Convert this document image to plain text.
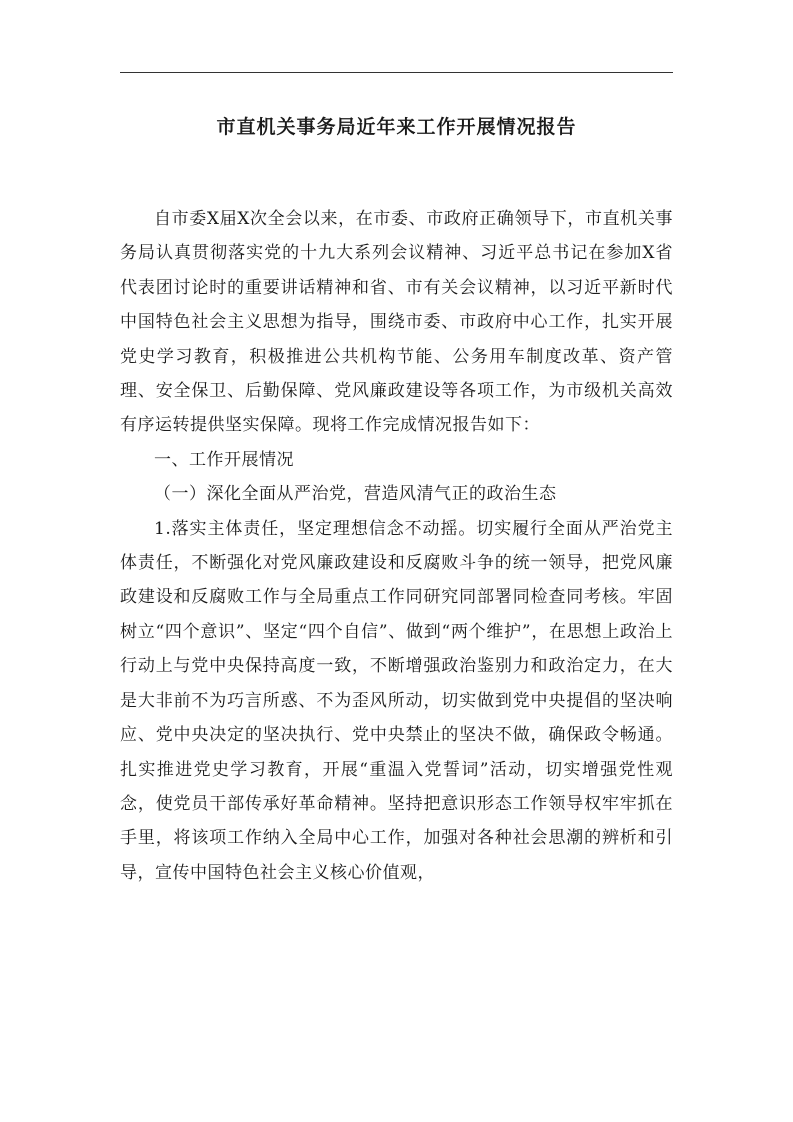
市直机关事务局近年来工作开展情况报告

自市委X届X次全会以来，在市委、市政府正确领导下，市直机关事务局认真贯彻落实党的十九大系列会议精神、习近平总书记在参加X省代表团讨论时的重要讲话精神和省、市有关会议精神，以习近平新时代中国特色社会主义思想为指导，围绕市委、市政府中心工作，扎实开展党史学习教育，积极推进公共机构节能、公务用车制度改革、资产管理、安全保卫、后勤保障、党风廉政建设等各项工作，为市级机关高效有序运转提供坚实保障。现将工作完成情况报告如下：

一、工作开展情况

（一）深化全面从严治党，营造风清气正的政治生态

1.落实主体责任，坚定理想信念不动摇。切实履行全面从严治党主体责任，不断强化对党风廉政建设和反腐败斗争的统一领导，把党风廉政建设和反腐败工作与全局重点工作同研究同部署同检查同考核。牢固树立“四个意识”、坚定“四个自信”、做到“两个维护”，在思想上政治上行动上与党中央保持高度一致，不断增强政治鉴别力和政治定力，在大是大非前不为巧言所惑、不为歪风所动，切实做到党中央提倡的坚决响应、党中央决定的坚决执行、党中央禁止的坚决不做，确保政令畅通。扎实推进党史学习教育，开展“重温入党誓词”活动，切实增强党性观念，使党员干部传承好革命精神。坚持把意识形态工作领导权牢牢抓在手里，将该项工作纳入全局中心工作，加强对各种社会思潮的辨析和引导，宣传中国特色社会主义核心价值观，
